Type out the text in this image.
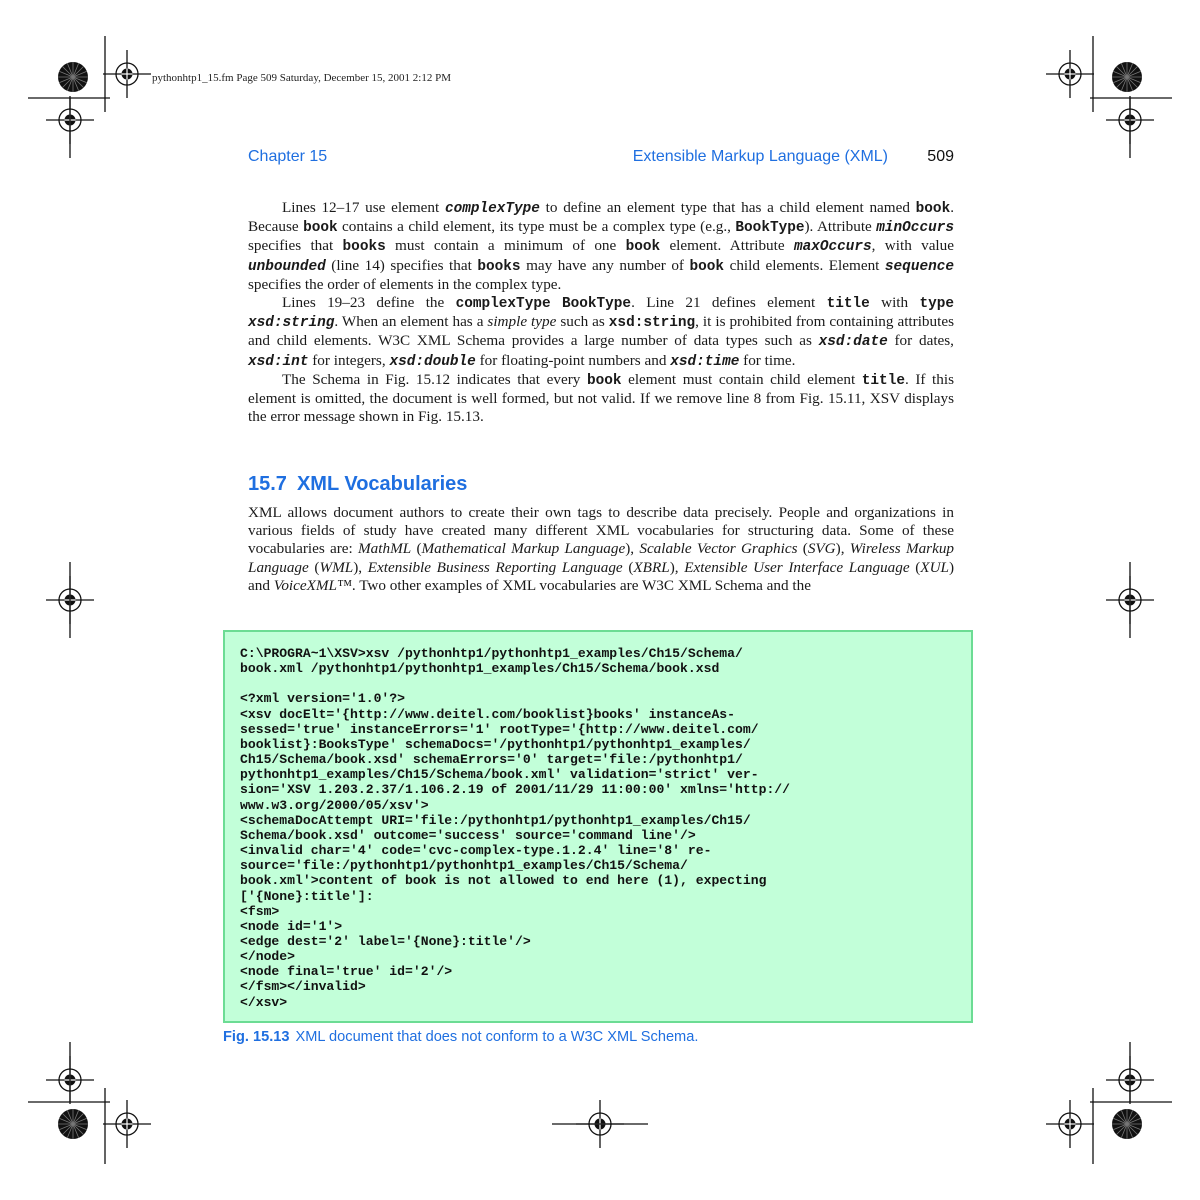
pythonhtp1_15.fm Page 509 Saturday, December 15, 2001 2:12 PM
Chapter 15	Extensible Markup Language (XML) 509

Lines 12–17 use element complexType to define an element type that has a child element named book. Because book contains a child element, its type must be a complex type (e.g., BookType). Attribute minOccurs specifies that books must contain a minimum of one book element. Attribute maxOccurs, with value unbounded (line 14) specifies that books may have any number of book child elements. Element sequence specifies the order of elements in the complex type.

Lines 19–23 define the complexType BookType. Line 21 defines element title with type xsd:string. When an element has a simple type such as xsd:string, it is prohibited from containing attributes and child elements. W3C XML Schema provides a large number of data types such as xsd:date for dates, xsd:int for integers, xsd:double for floating-point numbers and xsd:time for time.

The Schema in Fig. 15.12 indicates that every book element must contain child element title. If this element is omitted, the document is well formed, but not valid. If we remove line 8 from Fig. 15.11, XSV displays the error message shown in Fig. 15.13.

15.7 XML Vocabularies

XML allows document authors to create their own tags to describe data precisely. People and organizations in various fields of study have created many different XML vocabularies for structuring data. Some of these vocabularies are: MathML (Mathematical Markup Language), Scalable Vector Graphics (SVG), Wireless Markup Language (WML), Extensible Business Reporting Language (XBRL), Extensible User Interface Language (XUL) and VoiceXML™. Two other examples of XML vocabularies are W3C XML Schema and the

C:\PROGRA~1\XSV>xsv /pythonhtp1/pythonhtp1_examples/Ch15/Schema/
book.xml /pythonhtp1/pythonhtp1_examples/Ch15/Schema/book.xsd

<?xml version='1.0'?>
<xsv docElt='{http://www.deitel.com/booklist}books' instanceAs-
sessed='true' instanceErrors='1' rootType='{http://www.deitel.com/
booklist}:BooksType' schemaDocs='/pythonhtp1/pythonhtp1_examples/
Ch15/Schema/book.xsd' schemaErrors='0' target='file:/pythonhtp1/
pythonhtp1_examples/Ch15/Schema/book.xml' validation='strict' ver-
sion='XSV 1.203.2.37/1.106.2.19 of 2001/11/29 11:00:00' xmlns='http://
www.w3.org/2000/05/xsv'>
<schemaDocAttempt URI='file:/pythonhtp1/pythonhtp1_examples/Ch15/
Schema/book.xsd' outcome='success' source='command line'/>
<invalid char='4' code='cvc-complex-type.1.2.4' line='8' re-
source='file:/pythonhtp1/pythonhtp1_examples/Ch15/Schema/
book.xml'>content of book is not allowed to end here (1), expecting
['{None}:title']:
<fsm>
<node id='1'>
<edge dest='2' label='{None}:title'/>
</node>
<node final='true' id='2'/>
</fsm></invalid>
</xsv>
Fig. 15.13 XML document that does not conform to a W3C XML Schema.
